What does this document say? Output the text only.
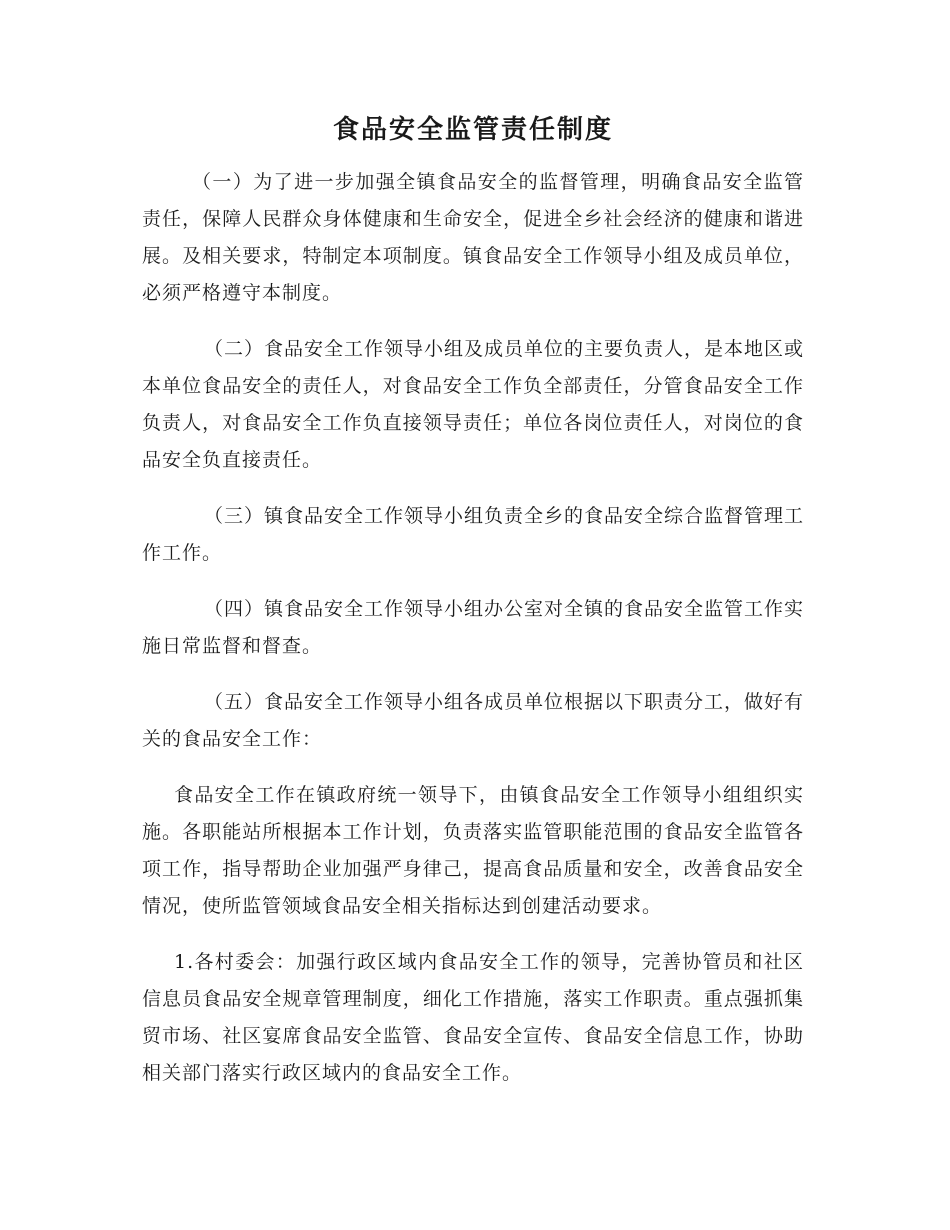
食品安全监管责任制度

（一）为了进一步加强全镇食品安全的监督管理，明确食品安全监管责任，保障人民群众身体健康和生命安全，促进全乡社会经济的健康和谐进展。及相关要求，特制定本项制度。镇食品安全工作领导小组及成员单位，必须严格遵守本制度。

（二）食品安全工作领导小组及成员单位的主要负责人，是本地区或本单位食品安全的责任人，对食品安全工作负全部责任，分管食品安全工作负责人，对食品安全工作负直接领导责任；单位各岗位责任人，对岗位的食品安全负直接责任。

（三）镇食品安全工作领导小组负责全乡的食品安全综合监督管理工作工作。

（四）镇食品安全工作领导小组办公室对全镇的食品安全监管工作实施日常监督和督查。

（五）食品安全工作领导小组各成员单位根据以下职责分工，做好有关的食品安全工作：

食品安全工作在镇政府统一领导下，由镇食品安全工作领导小组组织实施。各职能站所根据本工作计划，负责落实监管职能范围的食品安全监管各项工作，指导帮助企业加强严身律己，提高食品质量和安全，改善食品安全情况，使所监管领域食品安全相关指标达到创建活动要求。

1.各村委会：加强行政区域内食品安全工作的领导，完善协管员和社区信息员食品安全规章管理制度，细化工作措施，落实工作职责。重点强抓集贸市场、社区宴席食品安全监管、食品安全宣传、食品安全信息工作，协助相关部门落实行政区域内的食品安全工作。
